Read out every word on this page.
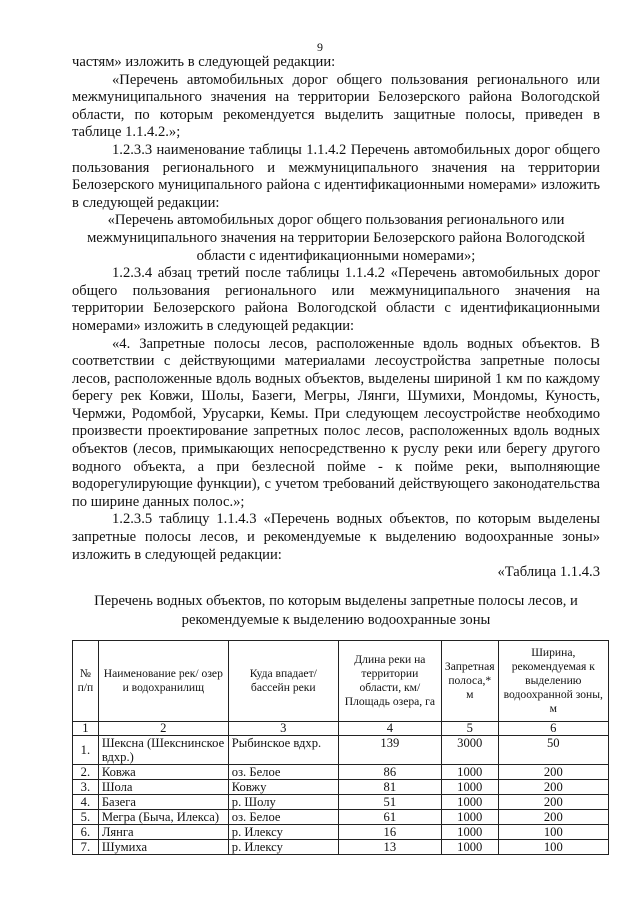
9

частям» изложить в следующей редакции:

«Перечень автомобильных дорог общего пользования регионального или межмуниципального значения на территории Белозерского района Вологодской области, по которым рекомендуется выделить защитные полосы, приведен в таблице 1.1.4.2.»;

1.2.3.3 наименование таблицы 1.1.4.2 Перечень автомобильных дорог общего пользования регионального и межмуниципального значения на территории Белозерского муниципального района с идентификационными номерами» изложить в следующей редакции:

«Перечень автомобильных дорог общего пользования регионального или межмуниципального значения на территории Белозерского района Вологодской области с идентификационными номерами»;

1.2.3.4 абзац третий после таблицы 1.1.4.2 «Перечень автомобильных дорог общего пользования регионального или межмуниципального значения на территории Белозерского района Вологодской области с идентификационными номерами» изложить в следующей редакции:

«4. Запретные полосы лесов, расположенные вдоль водных объектов. В соответствии с действующими материалами лесоустройства запретные полосы лесов, расположенные вдоль водных объектов, выделены шириной 1 км по каждому берегу рек Ковжи, Шолы, Базеги, Мегры, Лянги, Шумихи, Мондомы, Куность, Чермжи, Родомбой, Урусарки, Кемы. При следующем лесоустройстве необходимо произвести проектирование запретных полос лесов, расположенных вдоль водных объектов (лесов, примыкающих непосредственно к руслу реки или берегу другого водного объекта, а при безлесной пойме - к пойме реки, выполняющие водорегулирующие функции), с учетом требований действующего законодательства по ширине данных полос.»;

1.2.3.5 таблицу 1.1.4.3 «Перечень водных объектов, по которым выделены запретные полосы лесов, и рекомендуемые к выделению водоохранные зоны» изложить в следующей редакции:

«Таблица 1.1.4.3

Перечень водных объектов, по которым выделены запретные полосы лесов, и
рекомендуемые к выделению водоохранные зоны
№ п/п	Наименование рек/ озер и водохранилищ	Куда впадает/ бассейн реки	Длина реки на территории области, км/ Площадь озера, га	Запретная полоса,* м	Ширина, рекомендуемая к выделению водоохранной зоны, м
1	2	3	4	5	6
1.	Шексна (Шекснинское вдхр.)	Рыбинское вдхр.	139	3000	50
2.	Ковжа	оз. Белое	86	1000	200
3.	Шола	Ковжу	81	1000	200
4.	Базега	р. Шолу	51	1000	200
5.	Мегра (Быча, Илекса)	оз. Белое	61	1000	200
6.	Лянга	р. Илексу	16	1000	100
7.	Шумиха	р. Илексу	13	1000	100
